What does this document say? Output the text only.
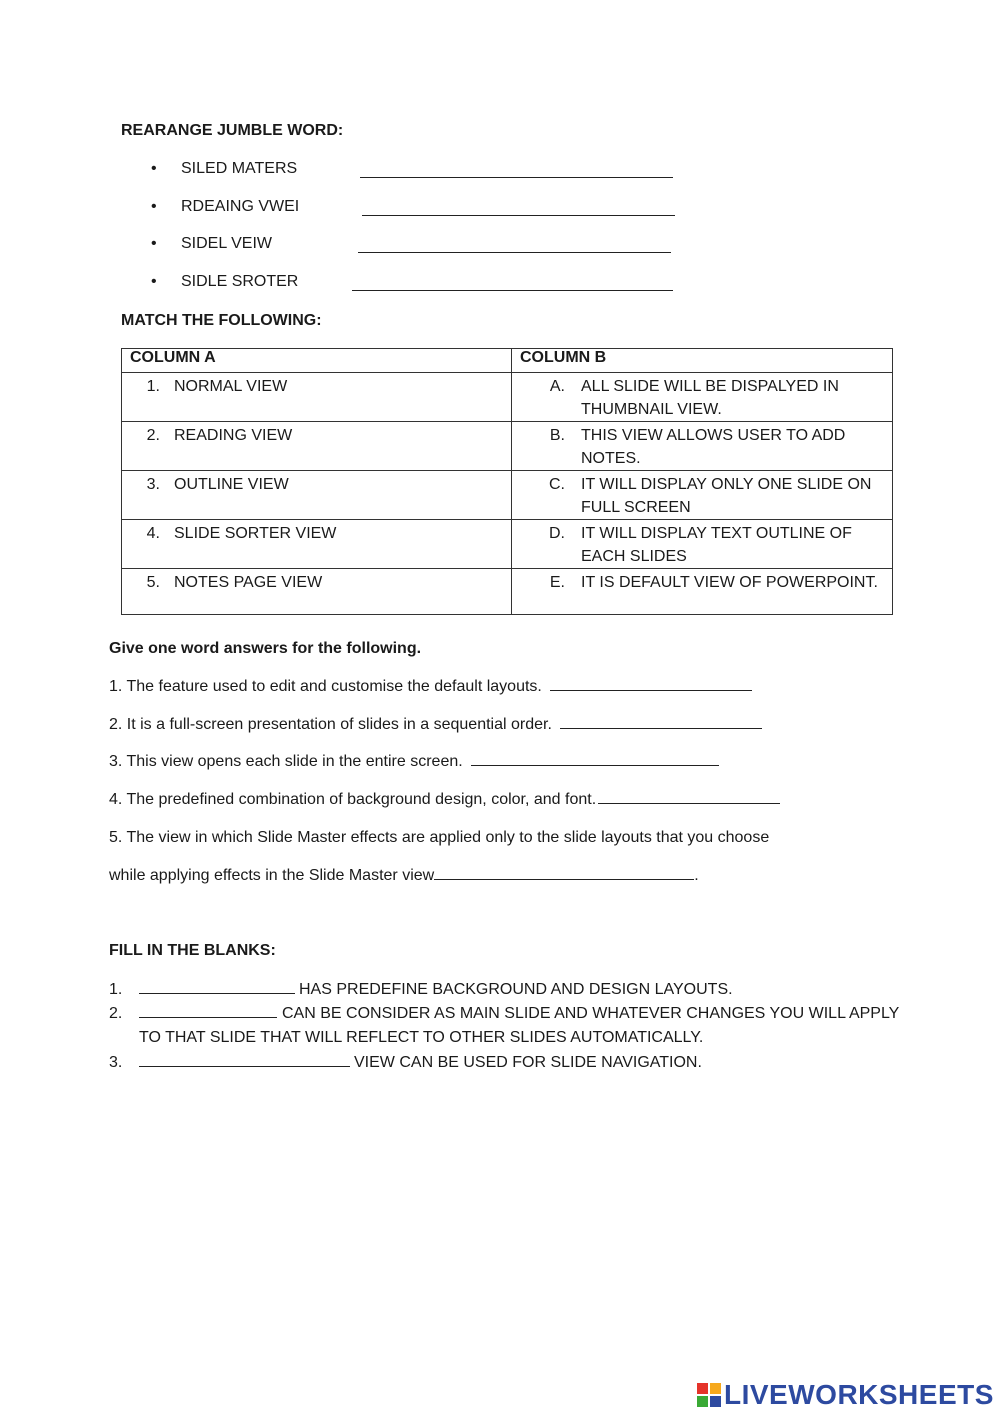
REARANGE JUMBLE WORD:
• SILED MATERS
• RDEAING VWEI
• SIDEL VEIW
• SIDLE SROTER
MATCH THE FOLLOWING:
COLUMN A	COLUMN B

1. NORMAL VIEW	A. ALL SLIDE WILL BE DISPALYED IN THUMBNAIL VIEW.

2. READING VIEW	B. THIS VIEW ALLOWS USER TO ADD NOTES.

3. OUTLINE VIEW	C. IT WILL DISPLAY ONLY ONE SLIDE ON FULL SCREEN

4. SLIDE SORTER VIEW	D. IT WILL DISPLAY TEXT OUTLINE OF EACH SLIDES

5. NOTES PAGE VIEW	E. IT IS DEFAULT VIEW OF POWERPOINT.
Give one word answers for the following.
1. The feature used to edit and customise the default layouts.
2. It is a full-screen presentation of slides in a sequential order.
3. This view opens each slide in the entire screen.
4. The predefined combination of background design, color, and font.
5. The view in which Slide Master effects are applied only to the slide layouts that you choose
while applying effects in the Slide Master view	.
FILL IN THE BLANKS:
1.	HAS PREDEFINE BACKGROUND AND DESIGN LAYOUTS.
2.	CAN BE CONSIDER AS MAIN SLIDE AND WHATEVER CHANGES YOU WILL APPLY
TO THAT SLIDE THAT WILL REFLECT TO OTHER SLIDES AUTOMATICALLY.
3.	VIEW CAN BE USED FOR SLIDE NAVIGATION.
LIVEWORKSHEETS
